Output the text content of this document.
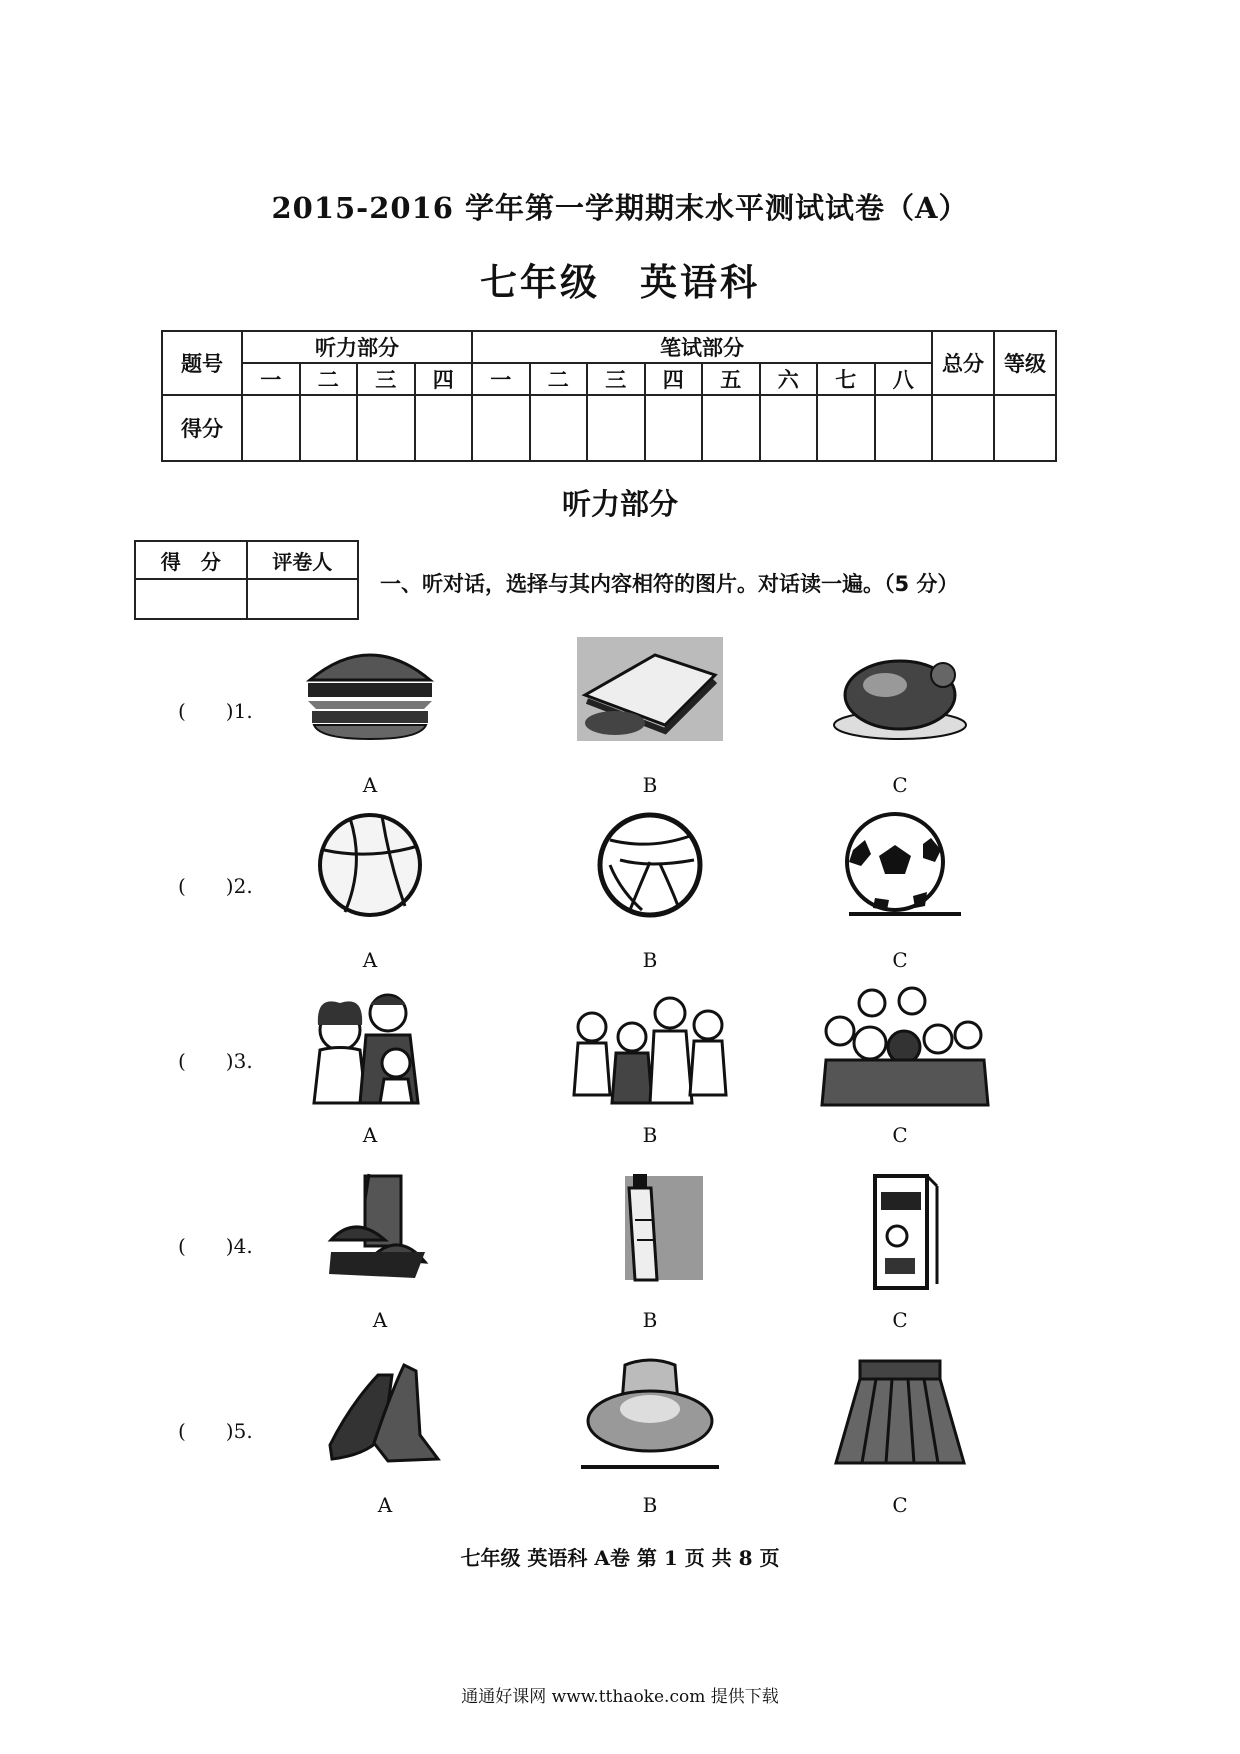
2015-2016 学年第一学期期末水平测试试卷（A）
七年级　英语科
题号	听力部分				笔试部分								总分	等级
	一	二	三	四	一	二	三	四	五	六	七	八		
得分														
听力部分
得　分	评卷人

一、听对话，选择与其内容相符的图片。对话读一遍。（5 分）
(　　)1.
A	B	C
(　　)2.
A	B	C
(　　)3.
A	B	C
(　　)4.
A	B	C
(　　)5.
A	B	C
七年级 英语科 A卷 第 1 页 共 8 页
通通好课网 www.tthaoke.com 提供下载
